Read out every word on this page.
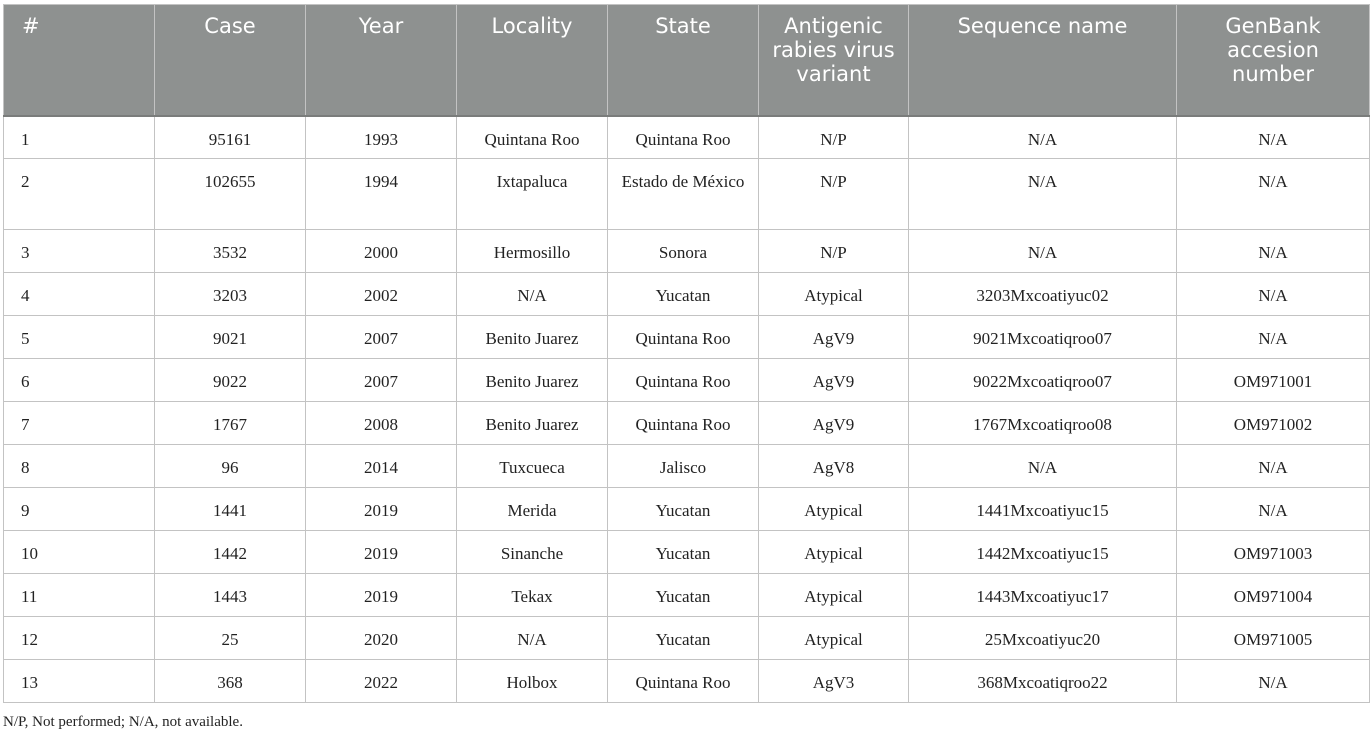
#	Case	Year	Locality	State	Antigenic rabies virus variant	Sequence name	GenBank accesion number
1	95161	1993	Quintana Roo	Quintana Roo	N/P	N/A	N/A
2	102655	1994	Ixtapaluca	Estado de México	N/P	N/A	N/A
3	3532	2000	Hermosillo	Sonora	N/P	N/A	N/A
4	3203	2002	N/A	Yucatan	Atypical	3203Mxcoatiyuc02	N/A
5	9021	2007	Benito Juarez	Quintana Roo	AgV9	9021Mxcoatiqroo07	N/A
6	9022	2007	Benito Juarez	Quintana Roo	AgV9	9022Mxcoatiqroo07	OM971001
7	1767	2008	Benito Juarez	Quintana Roo	AgV9	1767Mxcoatiqroo08	OM971002
8	96	2014	Tuxcueca	Jalisco	AgV8	N/A	N/A
9	1441	2019	Merida	Yucatan	Atypical	1441Mxcoatiyuc15	N/A
10	1442	2019	Sinanche	Yucatan	Atypical	1442Mxcoatiyuc15	OM971003
11	1443	2019	Tekax	Yucatan	Atypical	1443Mxcoatiyuc17	OM971004
12	25	2020	N/A	Yucatan	Atypical	25Mxcoatiyuc20	OM971005
13	368	2022	Holbox	Quintana Roo	AgV3	368Mxcoatiqroo22	N/A

N/P, Not performed; N/A, not available.
